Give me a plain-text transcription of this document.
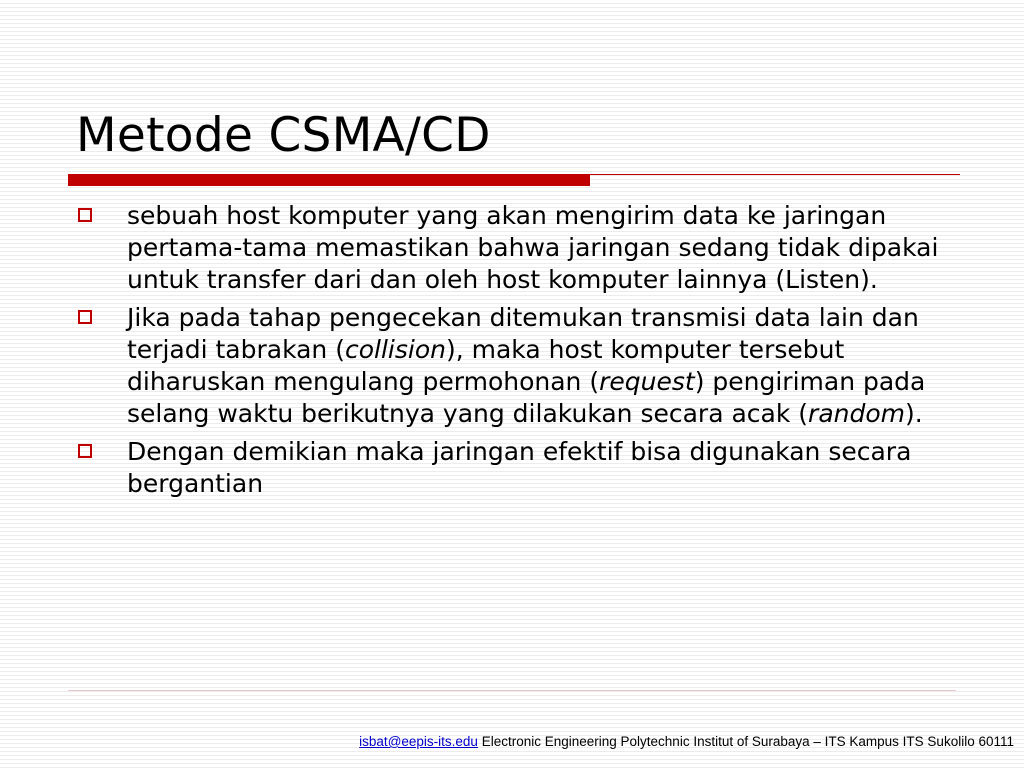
Metode CSMA/CD
sebuah host komputer yang akan mengirim data ke jaringan pertama-tama memastikan bahwa jaringan sedang tidak dipakai untuk transfer dari dan oleh host komputer lainnya (Listen).
Jika pada tahap pengecekan ditemukan transmisi data lain dan terjadi tabrakan (collision), maka host komputer tersebut diharuskan mengulang permohonan (request) pengiriman pada selang waktu berikutnya yang dilakukan secara acak (random).
Dengan demikian maka jaringan efektif bisa digunakan secara bergantian
isbat@eepis-its.edu Electronic Engineering Polytechnic Institut of Surabaya – ITS Kampus ITS Sukolilo 60111
